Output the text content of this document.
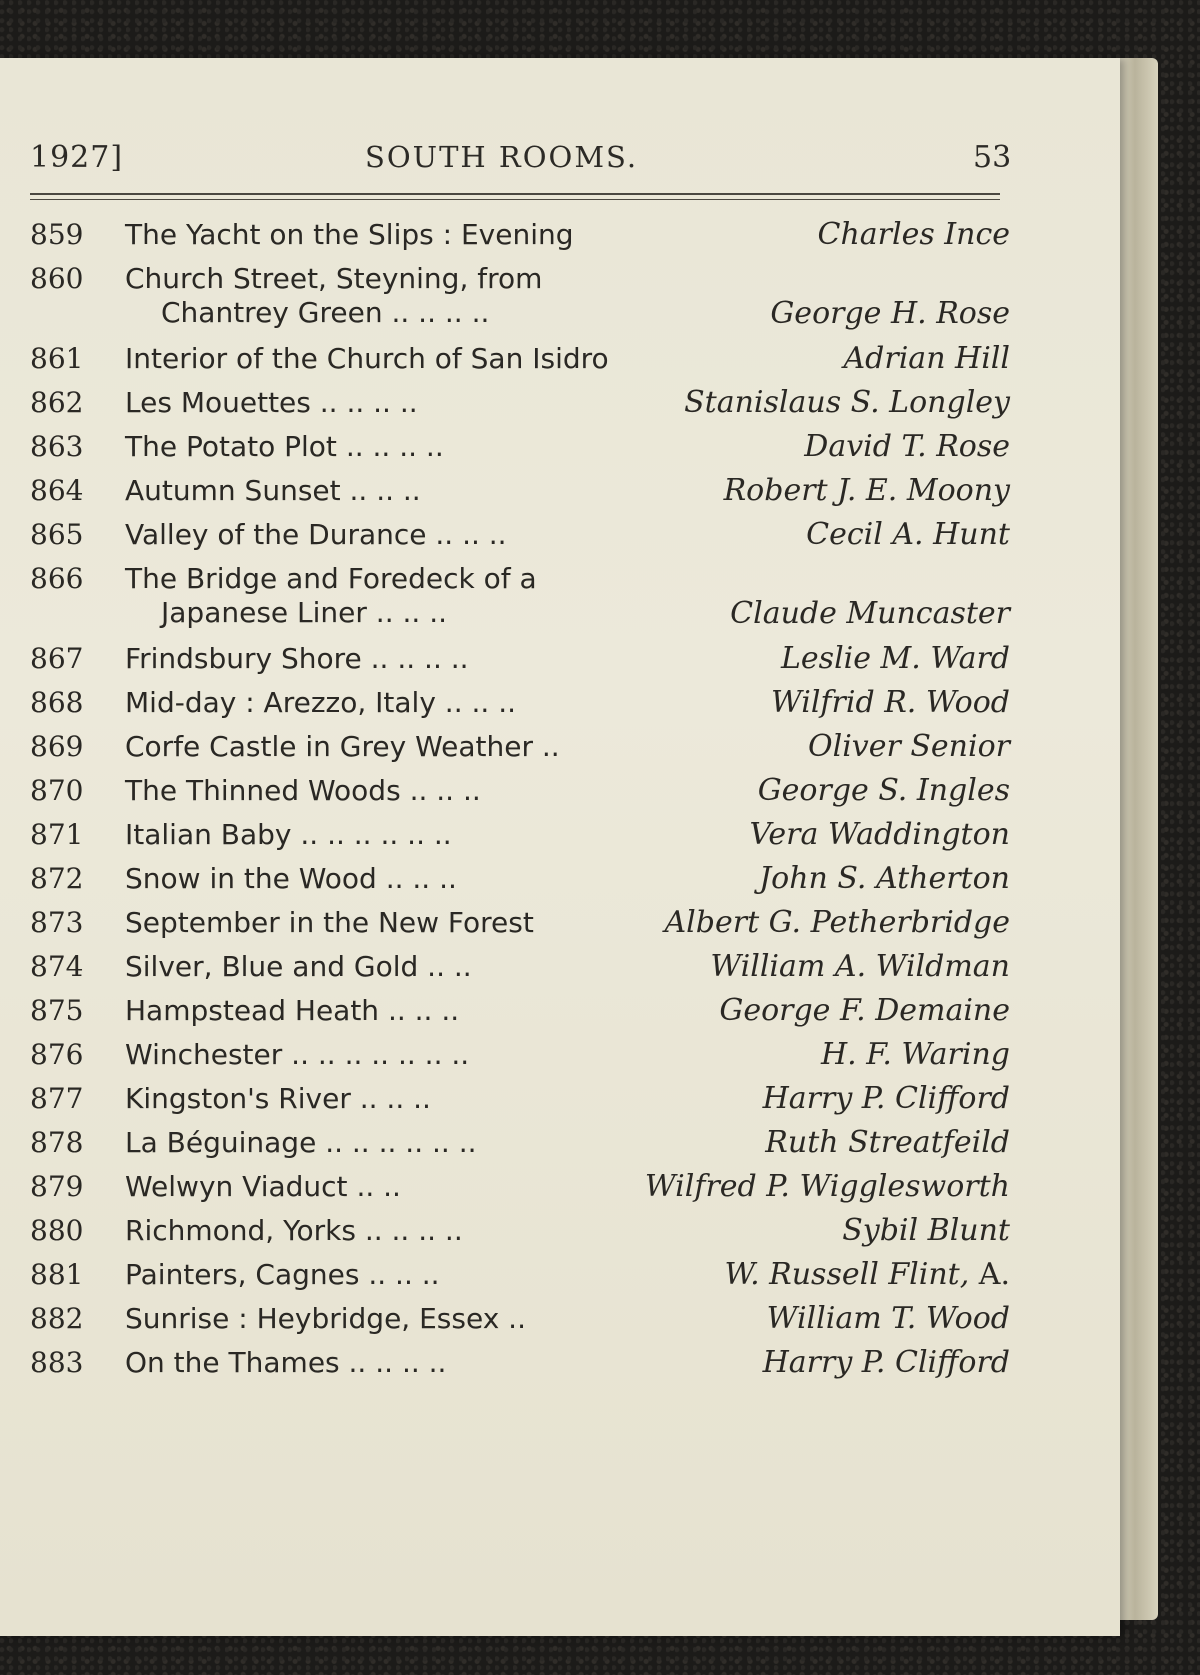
1927]	SOUTH ROOMS.	53
859	The Yacht on the Slips : Evening	Charles Ince
860	Church Street, Steyning, from
Chantrey Green .. .. .. ..	George H. Rose
861	Interior of the Church of San Isidro	Adrian Hill
862	Les Mouettes .. .. .. ..	Stanislaus S. Longley
863	The Potato Plot .. .. .. ..	David T. Rose
864	Autumn Sunset .. .. ..	Robert J. E. Moony
865	Valley of the Durance .. .. ..	Cecil A. Hunt
866	The Bridge and Foredeck of a
Japanese Liner .. .. ..	Claude Muncaster
867	Frindsbury Shore .. .. .. ..	Leslie M. Ward
868	Mid-day : Arezzo, Italy .. .. ..	Wilfrid R. Wood
869	Corfe Castle in Grey Weather ..	Oliver Senior
870	The Thinned Woods .. .. ..	George S. Ingles
871	Italian Baby .. .. .. .. .. ..	Vera Waddington
872	Snow in the Wood .. .. ..	John S. Atherton
873	September in the New Forest	Albert G. Petherbridge
874	Silver, Blue and Gold .. ..	William A. Wildman
875	Hampstead Heath .. .. ..	George F. Demaine
876	Winchester .. .. .. .. .. .. ..	H. F. Waring
877	Kingston's River .. .. ..	Harry P. Clifford
878	La Béguinage .. .. .. .. .. ..	Ruth Streatfeild
879	Welwyn Viaduct .. ..	Wilfred P. Wigglesworth
880	Richmond, Yorks .. .. .. ..	Sybil Blunt
881	Painters, Cagnes .. .. ..	W. Russell Flint, A.
882	Sunrise : Heybridge, Essex ..	William T. Wood
883	On the Thames .. .. .. ..	Harry P. Clifford
